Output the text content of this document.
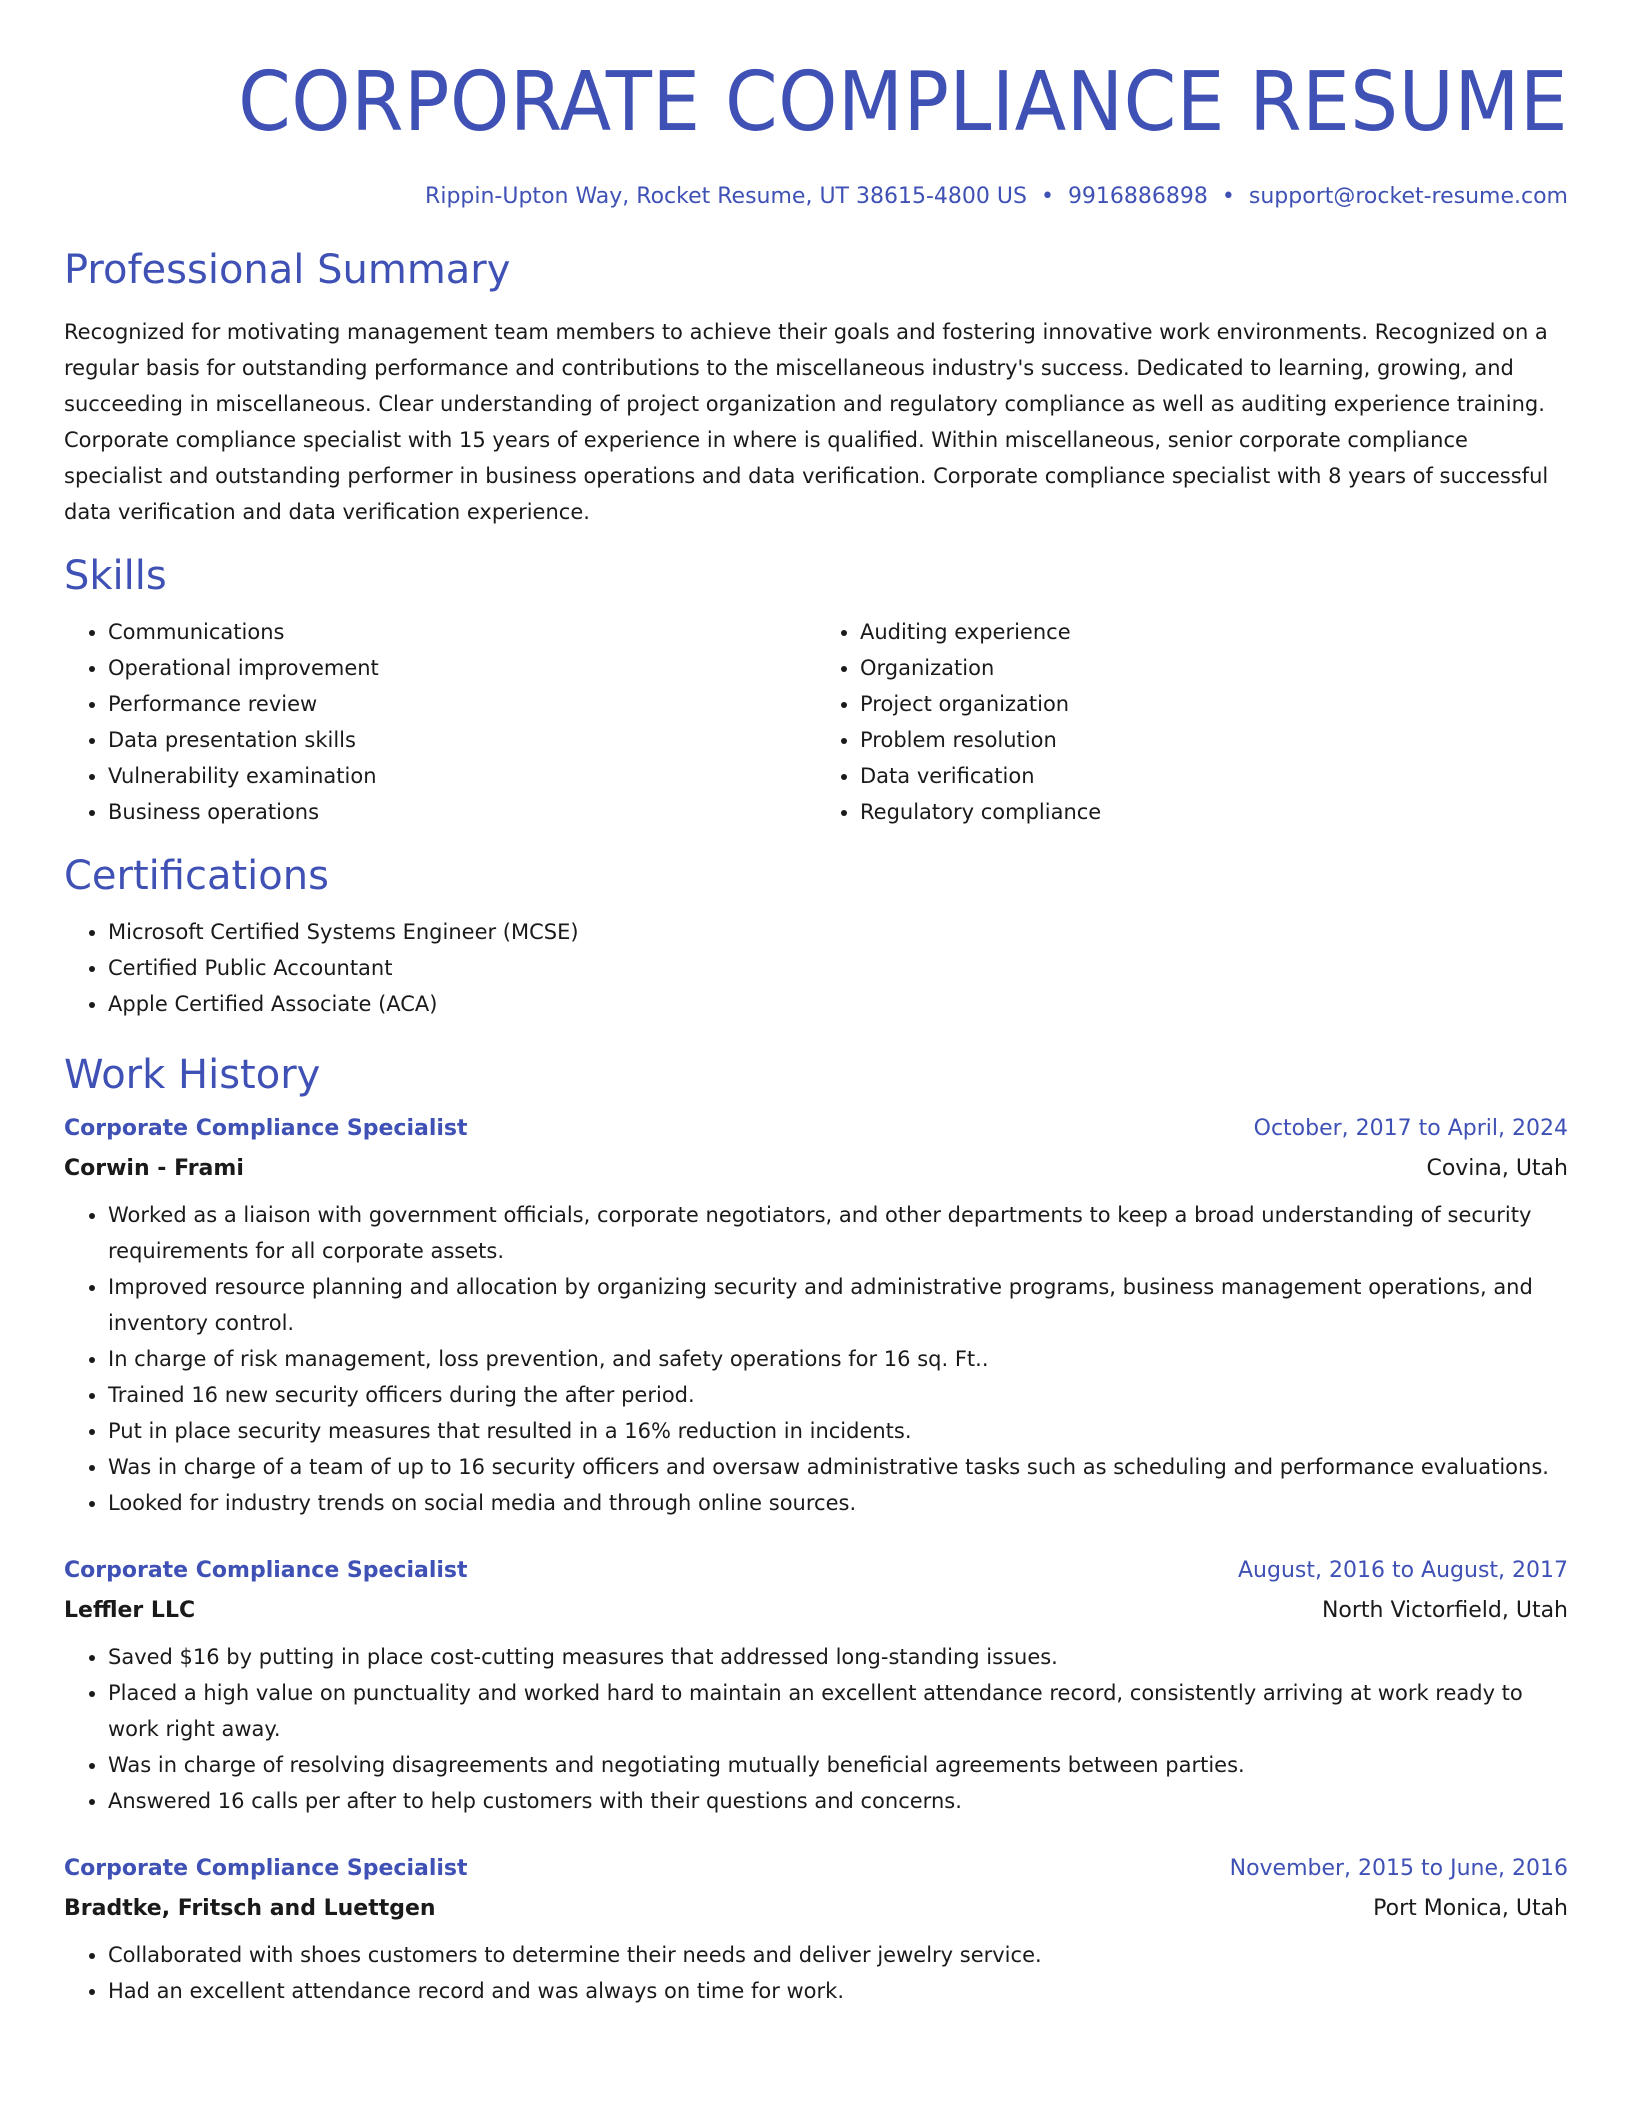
CORPORATE COMPLIANCE RESUME
Rippin-Upton Way, Rocket Resume, UT 38615-4800 US • 9916886898 • support@rocket-resume.com
Professional Summary

Recognized for motivating management team members to achieve their goals and fostering innovative work environments. Recognized on a regular basis for outstanding performance and contributions to the miscellaneous industry's success. Dedicated to learning, growing, and succeeding in miscellaneous. Clear understanding of project organization and regulatory compliance as well as auditing experience training. Corporate compliance specialist with 15 years of experience in where is qualified. Within miscellaneous, senior corporate compliance specialist and outstanding performer in business operations and data verification. Corporate compliance specialist with 8 years of successful data verification and data verification experience.

Skills
• Communications
• Operational improvement
• Performance review
• Data presentation skills
• Vulnerability examination
• Business operations
• Auditing experience
• Organization
• Project organization
• Problem resolution
• Data verification
• Regulatory compliance
Certifications
• Microsoft Certified Systems Engineer (MCSE)
• Certified Public Accountant
• Apple Certified Associate (ACA)
Work History
Corporate Compliance Specialist	October, 2017 to April, 2024
Corwin - Frami	Covina, Utah
• Worked as a liaison with government officials, corporate negotiators, and other departments to keep a broad understanding of security requirements for all corporate assets.
• Improved resource planning and allocation by organizing security and administrative programs, business management operations, and inventory control.
• In charge of risk management, loss prevention, and safety operations for 16 sq. Ft..
• Trained 16 new security officers during the after period.
• Put in place security measures that resulted in a 16% reduction in incidents.
• Was in charge of a team of up to 16 security officers and oversaw administrative tasks such as scheduling and performance evaluations.
• Looked for industry trends on social media and through online sources.
Corporate Compliance Specialist	August, 2016 to August, 2017
Leffler LLC	North Victorfield, Utah
• Saved $16 by putting in place cost-cutting measures that addressed long-standing issues.
• Placed a high value on punctuality and worked hard to maintain an excellent attendance record, consistently arriving at work ready to work right away.
• Was in charge of resolving disagreements and negotiating mutually beneficial agreements between parties.
• Answered 16 calls per after to help customers with their questions and concerns.
Corporate Compliance Specialist	November, 2015 to June, 2016
Bradtke, Fritsch and Luettgen	Port Monica, Utah
• Collaborated with shoes customers to determine their needs and deliver jewelry service.
• Had an excellent attendance record and was always on time for work.
